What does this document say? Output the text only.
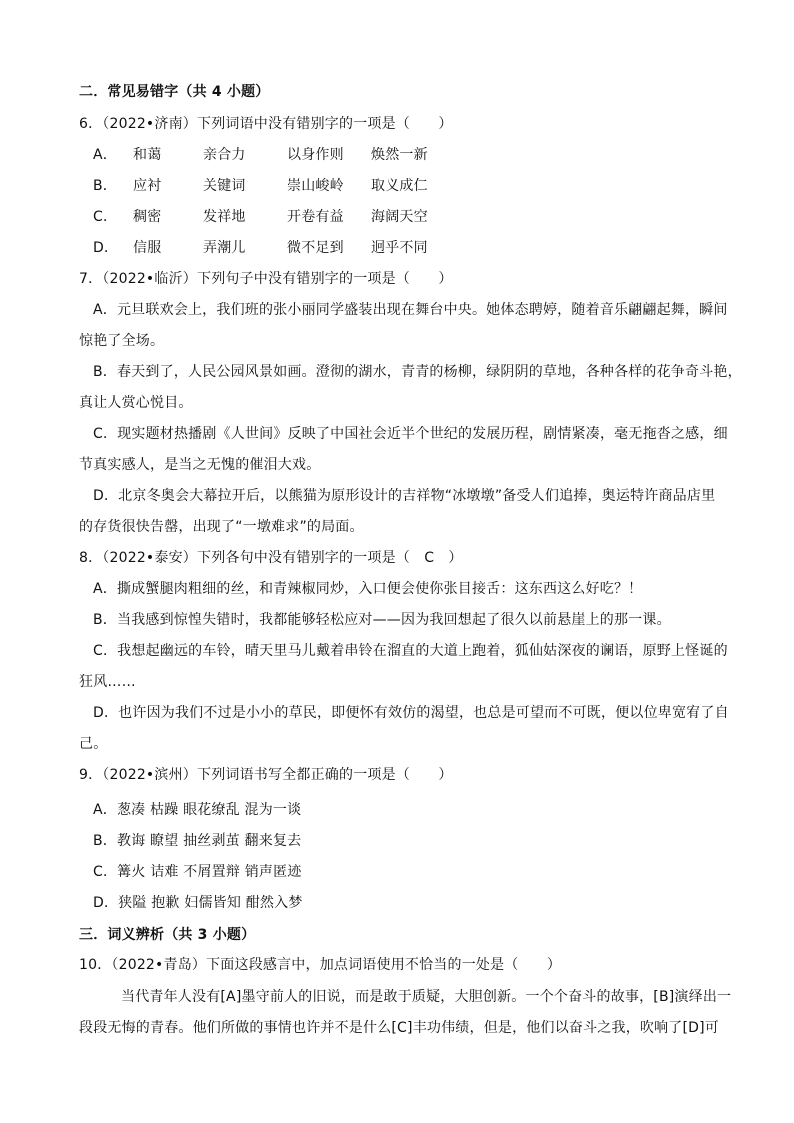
二．常见易错字（共 4 小题）
6．（2022•济南）下列词语中没有错别字的一项是（　　）
A． 和蔼	亲合力	以身作则 焕然一新
B． 应衬	关键词	崇山峻岭 取义成仁
C． 稠密	发祥地	开卷有益 海阔天空
D． 信服	弄潮儿	微不足到 迥乎不同
7．（2022•临沂）下列句子中没有错别字的一项是（　　）
A．元旦联欢会上，我们班的张小丽同学盛装出现在舞台中央。她体态聘婷，随着音乐翩翩起舞，瞬间
惊艳了全场。
B．春天到了，人民公园风景如画。澄彻的湖水，青青的杨柳，绿阴阴的草地，各种各样的花争奇斗艳，
真让人赏心悦目。
C．现实题材热播剧《人世间》反映了中国社会近半个世纪的发展历程，剧情紧凑，毫无拖沓之感，细
节真实感人，是当之无愧的催泪大戏。
D．北京冬奥会大幕拉开后，以熊猫为原形设计的吉祥物“冰墩墩”备受人们追捧，奥运特许商品店里
的存货很快告罄，出现了“一墩难求”的局面。
8．（2022•泰安）下列各句中没有错别字的一项是（　C　）
A．撕成蟹腿肉粗细的丝，和青辣椒同炒，入口便会使你张目接舌：这东西这么好吃？！
B．当我感到惊惶失错时，我都能够轻松应对——因为我回想起了很久以前悬崖上的那一课。
C．我想起幽远的车铃，晴天里马儿戴着串铃在溜直的大道上跑着，狐仙姑深夜的谰语，原野上怪诞的
狂风……
D．也许因为我们不过是小小的草民，即便怀有效仿的渴望，也总是可望而不可既，便以位卑宽宥了自
己。
9．（2022•滨州）下列词语书写全都正确的一项是（　　）
A．葱凑 枯躁 眼花缭乱 混为一谈
B．教诲 瞭望 抽丝剥茧 翻来复去
C．篝火 诘难 不屑置辩 销声匿迹
D．狭隘 抱歉 妇儒皆知 酣然入梦
三．词义辨析（共 3 小题）
10．（2022•青岛）下面这段感言中，加点词语使用不恰当的一处是（　　）
当代青年人没有[A]墨守前人的旧说，而是敢于质疑，大胆创新。一个个奋斗的故事，[B]演绎出一
段段无悔的青春。他们所做的事情也许并不是什么[C]丰功伟绩，但是，他们以奋斗之我，吹响了[D]可
